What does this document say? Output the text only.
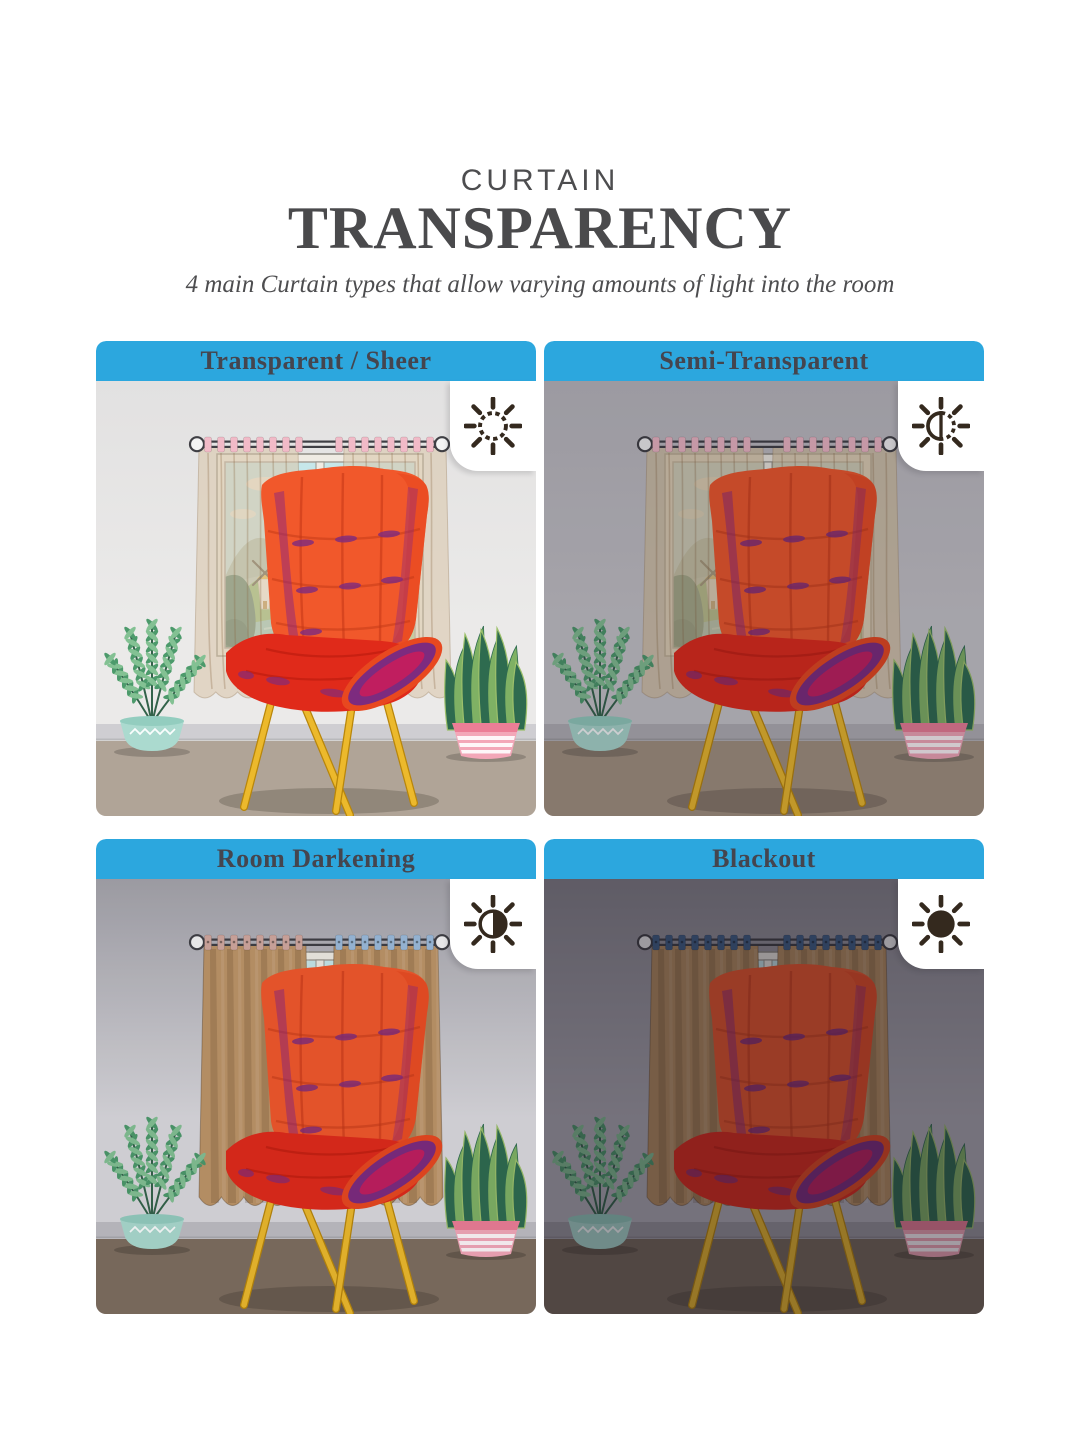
CURTAIN
TRANSPARENCY
4 main Curtain types that allow varying amounts of light into the room
Transparent / Sheer	Semi-Transparent
Room Darkening	Blackout
